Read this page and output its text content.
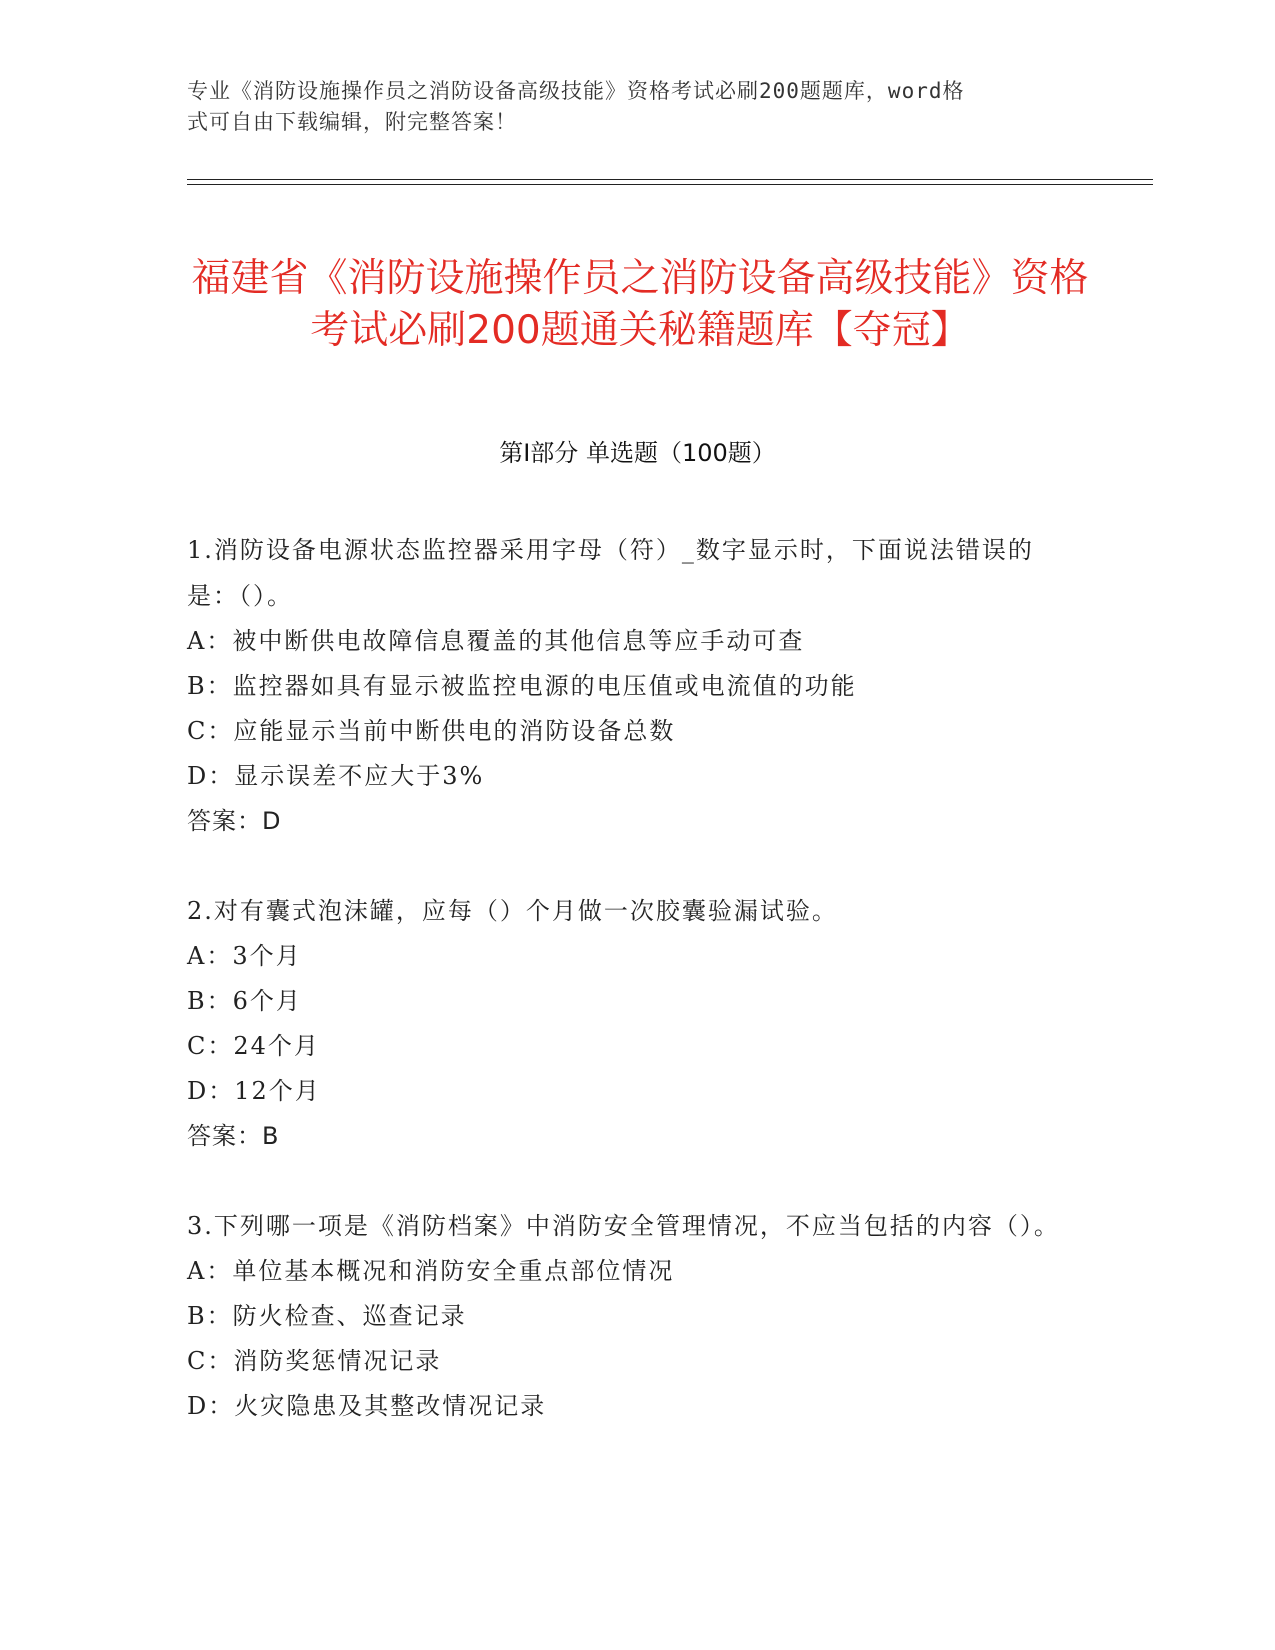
专业《消防设施操作员之消防设备高级技能》资格考试必刷200题题库，word格
式可自由下载编辑，附完整答案！
福建省《消防设施操作员之消防设备高级技能》资格考试必刷200题通关秘籍题库【夺冠】
第Ⅰ部分 单选题（100题）
1.消防设备电源状态监控器采用字母（符）_数字显示时，下面说法错误的是：（）。
A：被中断供电故障信息覆盖的其他信息等应手动可查
B：监控器如具有显示被监控电源的电压值或电流值的功能
C：应能显示当前中断供电的消防设备总数
D：显示误差不应大于3%
答案：D
2.对有囊式泡沫罐，应每（）个月做一次胶囊验漏试验。
A：3个月
B：6个月
C：24个月
D：12个月
答案：B
3.下列哪一项是《消防档案》中消防安全管理情况，不应当包括的内容（）。
A：单位基本概况和消防安全重点部位情况
B：防火检查、巡查记录
C：消防奖惩情况记录
D：火灾隐患及其整改情况记录
